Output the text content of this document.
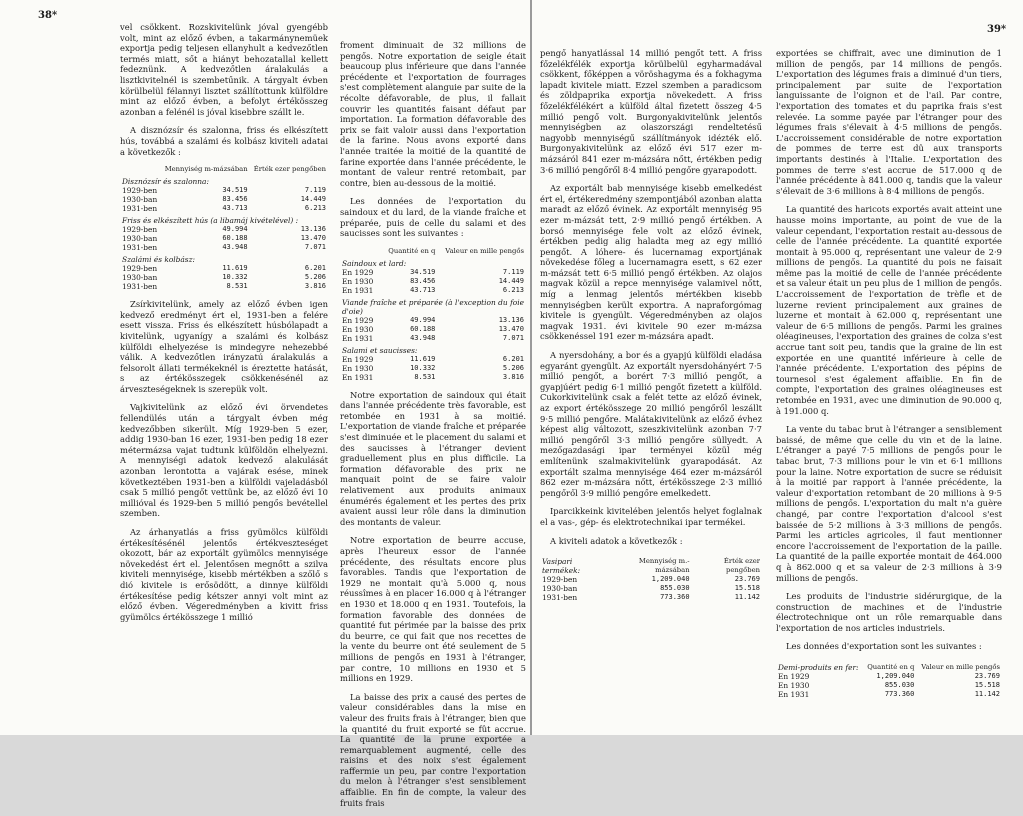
38*

vel csökkent. Rozskivitelünk jóval gyengébb volt, mint az előző évben, a takarmánynemüek exportja pedig teljesen ellanyhult a kedvezőtlen termés miatt, sőt a hiányt behozatallal kellett fedeznünk. A kedvezőtlen áralakulás a lisztkivitelnél is szembetűnik. A tárgyalt évben körülbelül félannyi lisztet szállítottunk külföldre mint az előző évben, a befolyt értékösszeg azonban a felénél is jóval kisebbre szállt le.

A disznózsír és szalonna, friss és elkészített hús, továbbá a szalámi és kolbász kiviteli adatai a következők :

	Mennyiség m-mázsában	Érték ezer pengőben
Disznózsír és szalonna:		
1929-ben	34.519	7.119
1930-ban	83.456	14.449
1931-ben	43.713	6.213
Friss és elkészített hús (a libamáj kivételével) :		
1929-ben	49.994	13.136
1930-ban	60.188	13.470
1931-ben	43.948	7.071
Szalámi és kolbász:		
1929-ben	11.619	6.201
1930-ban	10.332	5.206
1931-ben	8.531	3.816

Zsírkivitelünk, amely az előző évben igen kedvező eredményt ért el, 1931-ben a felére esett vissza. Friss és elkészített húsbólapadt a kivitelünk, ugyanígy a szalámi és kolbász külföldi elhelyezése is mindegyre nehezebbé válik. A kedvezőtlen irányzatú áralakulás a felsorolt állati termékeknél is éreztette hatását, s az értékösszegek csökkenésénél az árveszteségeknek is szerepük volt.

Vajkivitelünk az előző évi örvendetes fellendülés után a tárgyalt évben még kedvezőbben sikerült. Míg 1929-ben 5 ezer, addig 1930-ban 16 ezer, 1931-ben pedig 18 ezer métermázsa vajat tudtunk külföldön elhelyezni. A mennyiségi adatok kedvező alakulását azonban lerontotta a vajárak esése, minek következtében 1931-ben a külföldi vajeladásból csak 5 millió pengőt vettünk be, az előző évi 10 millióval és 1929-ben 5 millió pengős bevétellel szemben.

Az árhanyatlás a friss gyümölcs külföldi értékesítésénél jelentős értékveszteséget okozott, bár az exportált gyümölcs mennyisége növekedést ért el. Jelentősen megnőtt a szilva kiviteli mennyisége, kisebb mértékben a szőlő s dió kivitele is erősödött, a dinnye külföldi értékesítése pedig kétszer annyi volt mint az előző évben. Végeredményben a kivitt friss gyümölcs értékösszege 1 millió

froment diminuait de 32 millions de pengős. Notre exportation de seigle était beaucoup plus inférieure que dans l'année précédente et l'exportation de fourrages s'est complètement alanguie par suite de la récolte défavorable, de plus, il fallait couvrir les quantités faisant défaut par importation. La formation défavorable des prix se fait valoir aussi dans l'exportation de la farine. Nous avons exporté dans l'année traitée la moitié de la quantité de farine exportée dans l'année précédente, le montant de valeur rentré retombait, par contre, bien au-dessous de la moitié.

Les données de l'exportation du saindoux et du lard, de la viande fraîche et préparée, puis de celle du salami et des saucisses sont les suivantes :

	Quantité en q	Valeur en mille pengős
Saindoux et lard:		
En 1929	34.519	7.119
En 1930	83.456	14.449
En 1931	43.713	6.213
Viande fraîche et préparée (à l'exception du foie d'oie)		
En 1929	49.994	13.136
En 1930	60.188	13.470
En 1931	43.948	7.071
Salami et saucisses:		
En 1929	11.619	6.201
En 1930	10.332	5.206
En 1931	8.531	3.816

Notre exportation de saindoux qui était dans l'année précédente très favorable, est retombée en 1931 à sa moitié. L'exportation de viande fraîche et préparée s'est diminuée et le placement du salami et des saucisses à l'étranger devient graduellement plus en plus difficile. La formation défavorable des prix ne manquait point de se faire valoir relativement aux produits animaux énumérés également et les pertes des prix avaient aussi leur rôle dans la diminution des montants de valeur.

Notre exportation de beurre accuse, après l'heureux essor de l'année précédente, des résultats encore plus favorables. Tandis que l'exportation de 1929 ne montait qu'à 5.000 q, nous réussîmes à en placer 16.000 q à l'étranger en 1930 et 18.000 q en 1931. Toutefois, la formation favorable des données de quantité fut périmée par la baisse des prix du beurre, ce qui fait que nos recettes de la vente du beurre ont été seulement de 5 millions de pengős en 1931 à l'étranger, par contre, 10 millions en 1930 et 5 millions en 1929.

La baisse des prix a causé des pertes de valeur considérables dans la mise en valeur des fruits frais à l'étranger, bien que la quantité du fruit exporté se fût accrue. La quantité de la prune exportée a remarquablement augmenté, celle des raisins et des noix s'est également raffermie un peu, par contre l'exportation du melon à l'étranger s'est sensiblement affaiblie. En fin de compte, la valeur des fruits frais

39*

pengő hanyatlással 14 millió pengőt tett. A friss főzelékfélék exportja körülbelül egyharmadával csökkent, főképpen a vöröshagyma és a fokhagyma lapadt kivitele miatt. Ezzel szemben a paradicsom és zöldpaprika exportja növekedett. A friss főzelékfélékért a külföld által fizetett összeg 4·5 millió pengő volt. Burgonyakivitelünk jelentős mennyiségben az olaszországi rendeltetésű nagyobb mennyiségű szállítmányok idézték elő. Burgonyakivitelünk az előző évi 517 ezer m-mázsáról 841 ezer m-mázsára nőtt, értékben pedig 3·6 millió pengőről 8·4 millió pengőre gyarapodott.

Az exportált bab mennyisége kisebb emelkedést ért el, értékeredmény szempontjából azonban alatta maradt az előző évinek. Az exportált mennyiség 95 ezer m-mázsát tett, 2·9 millió pengő értékben. A borsó mennyisége fele volt az előző évinek, értékben pedig alig haladta meg az egy millió pengőt. A lóhere- és lucernamag exportjának növekedése főleg a lucernamagra esett, s 62 ezer m-mázsát tett 6·5 millió pengő értékben. Az olajos magvak közül a repce mennyisége valamivel nőtt, míg a lenmag jelentős mértékben kisebb mennyiségben került exportra. A napraforgómag kivitele is gyengült. Végeredményben az olajos magvak 1931. évi kivitele 90 ezer m-mázsa csökkenéssel 191 ezer m-mázsára apadt.

A nyersdohány, a bor és a gyapjú külföldi eladása egyaránt gyengült. Az exportált nyersdohányért 7·5 millió pengőt, a borért 7·3 millió pengőt, a gyapjúért pedig 6·1 millió pengőt fizetett a külföld. Cukorkivitelünk csak a felét tette az előző évinek, az export értékösszege 20 millió pengőről leszállt 9·5 millió pengőre. Malátakivitelünk az előző évhez képest alig változott, szeszkivitelünk azonban 7·7 millió pengőről 3·3 millió pengőre süllyedt. A mezőgazdasági ipar terményei közül még említenünk szalmakivitelünk gyarapodását. Az exportált szalma mennyisége 464 ezer m-mázsáról 862 ezer m-mázsára nőtt, értékösszege 2·3 millió pengőről 3·9 millió pengőre emelkedett.

Iparcikkeink kivitelében jelentős helyet foglalnak el a vas-, gép- és elektrotechnikai ipar termékei.

A kiviteli adatok a következők :

Vasipari termékek:	Mennyiség m.-mázsában	Érték ezer pengőben
1929-ben	1,209.040	23.769
1930-ban	855.030	15.518
1931-ben	773.360	11.142

exportées se chiffrait, avec une diminution de 1 million de pengős, par 14 millions de pengős. L'exportation des légumes frais a diminué d'un tiers, principalement par suite de l'exportation languissante de l'oignon et de l'ail. Par contre, l'exportation des tomates et du paprika frais s'est relevée. La somme payée par l'étranger pour des légumes frais s'élevait à 4·5 millions de pengős. L'accroissement considérable de notre exportation de pommes de terre est dû aux transports importants destinés à l'Italie. L'exportation des pommes de terre s'est accrue de 517.000 q de l'année précédente à 841.000 q, tandis que la valeur s'élevait de 3·6 millions à 8·4 millions de pengős.

La quantité des haricots exportés avait atteint une hausse moins importante, au point de vue de la valeur cependant, l'exportation restait au-dessous de celle de l'année précédente. La quantité exportée montait à 95.000 q, représentant une valeur de 2·9 millions de pengős. La quantité du pois ne faisait même pas la moitié de celle de l'année précédente et sa valeur était un peu plus de 1 million de pengős. L'accroissement de l'exportation de trèfle et de luzerne revient principalement aux graines de luzerne et montait à 62.000 q, représentant une valeur de 6·5 millions de pengős. Parmi les graines oléagineuses, l'exportation des graines de colza s'est accrue tant soit peu, tandis que la graine de lin est exportée en une quantité inférieure à celle de l'année précédente. L'exportation des pépins de tournesol s'est également affaiblie. En fin de compte, l'exportation des graines oléagineuses est retombée en 1931, avec une diminution de 90.000 q, à 191.000 q.

La vente du tabac brut à l'étranger a sensiblement baissé, de même que celle du vin et de la laine. L'étranger a payé 7·5 millions de pengős pour le tabac brut, 7·3 millions pour le vin et 6·1 millions pour la laine. Notre exportation de sucre se réduisit à la moitié par rapport à l'année précédente, la valeur d'exportation retombant de 20 millions à 9·5 millions de pengős. L'exportation du malt n'a guère changé, par contre l'exportation d'alcool s'est baissée de 5·2 millions à 3·3 millions de pengős. Parmi les articles agricoles, il faut mentionner encore l'accroissement de l'exportation de la paille. La quantité de la paille exportée montait de 464.000 q à 862.000 q et sa valeur de 2·3 millions à 3·9 millions de pengős.

Les produits de l'industrie sidérurgique, de la construction de machines et de l'industrie électrotechnique ont un rôle remarquable dans l'exportation de nos articles industriels.

Les données d'exportation sont les suivantes :

Demi-produits en fer:	Quantité en q	Valeur en mille pengős
En 1929	1,209.040	23.769
En 1930	855.030	15.518
En 1931	773.360	11.142
